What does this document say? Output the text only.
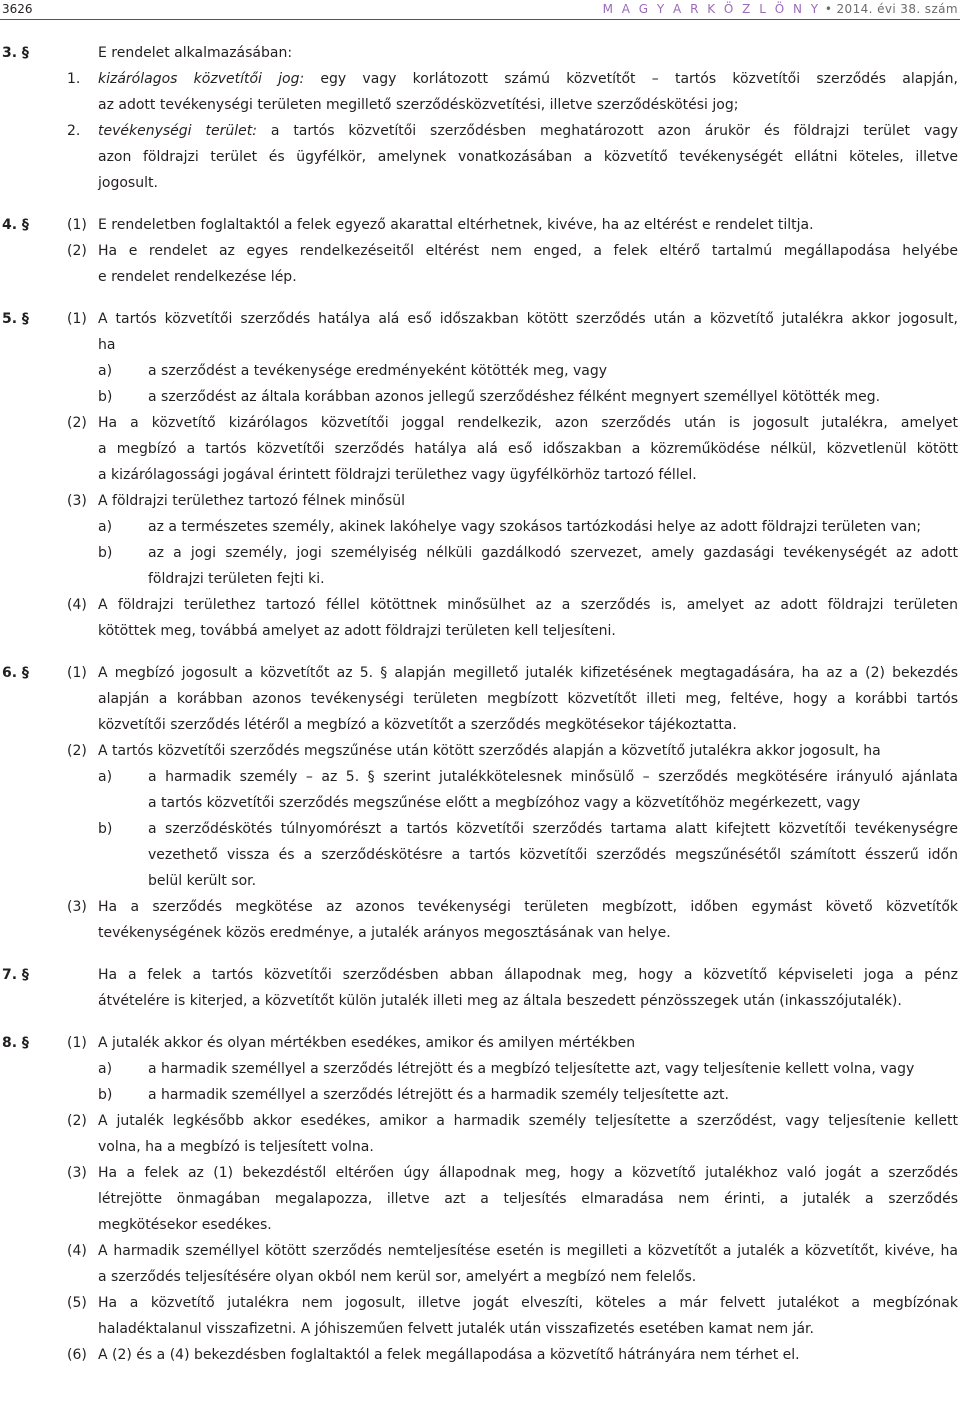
3626	M A G Y A R K Ö Z L Ö N Y • 2014. évi 38. szám
3. §	E rendelet alkalmazásában:
1. kizárólagos közvetítői jog: egy vagy korlátozott számú közvetítőt – tartós közvetítői szerződés alapján,
az adott tevékenységi területen megillető szerződésközvetítési, illetve szerződéskötési jog;
2. tevékenységi terület: a tartós közvetítői szerződésben meghatározott azon árukör és földrajzi terület vagy
azon földrajzi terület és ügyfélkör, amelynek vonatkozásában a közvetítő tevékenységét ellátni köteles, illetve
jogosult.
4. §	E rendeletben foglaltaktól a felek egyező akarattal eltérhetnek, kivéve, ha az eltérést e rendelet tiltja.
(1)
Ha e rendelet az egyes rendelkezéseitől eltérést nem enged, a felek eltérő tartalmú megállapodása helyébe
(2)
e rendelet rendelkezése lép.
5. §	A tartós közvetítői szerződés hatálya alá eső időszakban kötött szerződés után a közvetítő jutalékra akkor jogosult,
(1)
ha
a szerződést a tevékenysége eredményeként kötötték meg, vagy
a)
a szerződést az általa korábban azonos jellegű szerződéshez félként megnyert személlyel kötötték meg.
b)
Ha a közvetítő kizárólagos közvetítői joggal rendelkezik, azon szerződés után is jogosult jutalékra, amelyet
(2)
a megbízó a tartós közvetítői szerződés hatálya alá eső időszakban a közreműködése nélkül, közvetlenül kötött
a kizárólagossági jogával érintett földrajzi területhez vagy ügyfélkörhöz tartozó féllel.
A földrajzi területhez tartozó félnek minősül
(3)
az a természetes személy, akinek lakóhelye vagy szokásos tartózkodási helye az adott földrajzi területen van;
a)
az a jogi személy, jogi személyiség nélküli gazdálkodó szervezet, amely gazdasági tevékenységét az adott
b)
földrajzi területen fejti ki.
A földrajzi területhez tartozó féllel kötöttnek minősülhet az a szerződés is, amelyet az adott földrajzi területen
(4)
kötöttek meg, továbbá amelyet az adott földrajzi területen kell teljesíteni.
6. §	A megbízó jogosult a közvetítőt az 5. § alapján megillető jutalék kifizetésének megtagadására, ha az a (2) bekezdés
(1)
alapján a korábban azonos tevékenységi területen megbízott közvetítőt illeti meg, feltéve, hogy a korábbi tartós
közvetítői szerződés létéről a megbízó a közvetítőt a szerződés megkötésekor tájékoztatta.
A tartós közvetítői szerződés megszűnése után kötött szerződés alapján a közvetítő jutalékra akkor jogosult, ha
(2)
a harmadik személy – az 5. § szerint jutalékkötelesnek minősülő – szerződés megkötésére irányuló ajánlata
a)
a tartós közvetítői szerződés megszűnése előtt a megbízóhoz vagy a közvetítőhöz megérkezett, vagy
a szerződéskötés túlnyomórészt a tartós közvetítői szerződés tartama alatt kifejtett közvetítői tevékenységre
b)
vezethető vissza és a szerződéskötésre a tartós közvetítői szerződés megszűnésétől számított ésszerű időn
belül került sor.
Ha a szerződés megkötése az azonos tevékenységi területen megbízott, időben egymást követő közvetítők
(3)
tevékenységének közös eredménye, a jutalék arányos megosztásának van helye.
7. §	Ha a felek a tartós közvetítői szerződésben abban állapodnak meg, hogy a közvetítő képviseleti joga a pénz
átvételére is kiterjed, a közvetítőt külön jutalék illeti meg az általa beszedett pénzösszegek után (inkasszójutalék).
8. §	A jutalék akkor és olyan mértékben esedékes, amikor és amilyen mértékben
(1)
a harmadik személlyel a szerződés létrejött és a megbízó teljesítette azt, vagy teljesítenie kellett volna, vagy
a)
a harmadik személlyel a szerződés létrejött és a harmadik személy teljesítette azt.
b)
A jutalék legkésőbb akkor esedékes, amikor a harmadik személy teljesítette a szerződést, vagy teljesítenie kellett
(2)
volna, ha a megbízó is teljesített volna.
Ha a felek az (1) bekezdéstől eltérően úgy állapodnak meg, hogy a közvetítő jutalékhoz való jogát a szerződés
(3)
létrejötte önmagában megalapozza, illetve azt a teljesítés elmaradása nem érinti, a jutalék a szerződés
megkötésekor esedékes.
A harmadik személlyel kötött szerződés nemteljesítése esetén is megilleti a közvetítőt a jutalék a közvetítőt, kivéve, ha
(4)
a szerződés teljesítésére olyan okból nem kerül sor, amelyért a megbízó nem felelős.
Ha a közvetítő jutalékra nem jogosult, illetve jogát elveszíti, köteles a már felvett jutalékot a megbízónak
(5)
haladéktalanul visszafizetni. A jóhiszeműen felvett jutalék után visszafizetés esetében kamat nem jár.
A (2) és a (4) bekezdésben foglaltaktól a felek megállapodása a közvetítő hátrányára nem térhet el.
(6)
